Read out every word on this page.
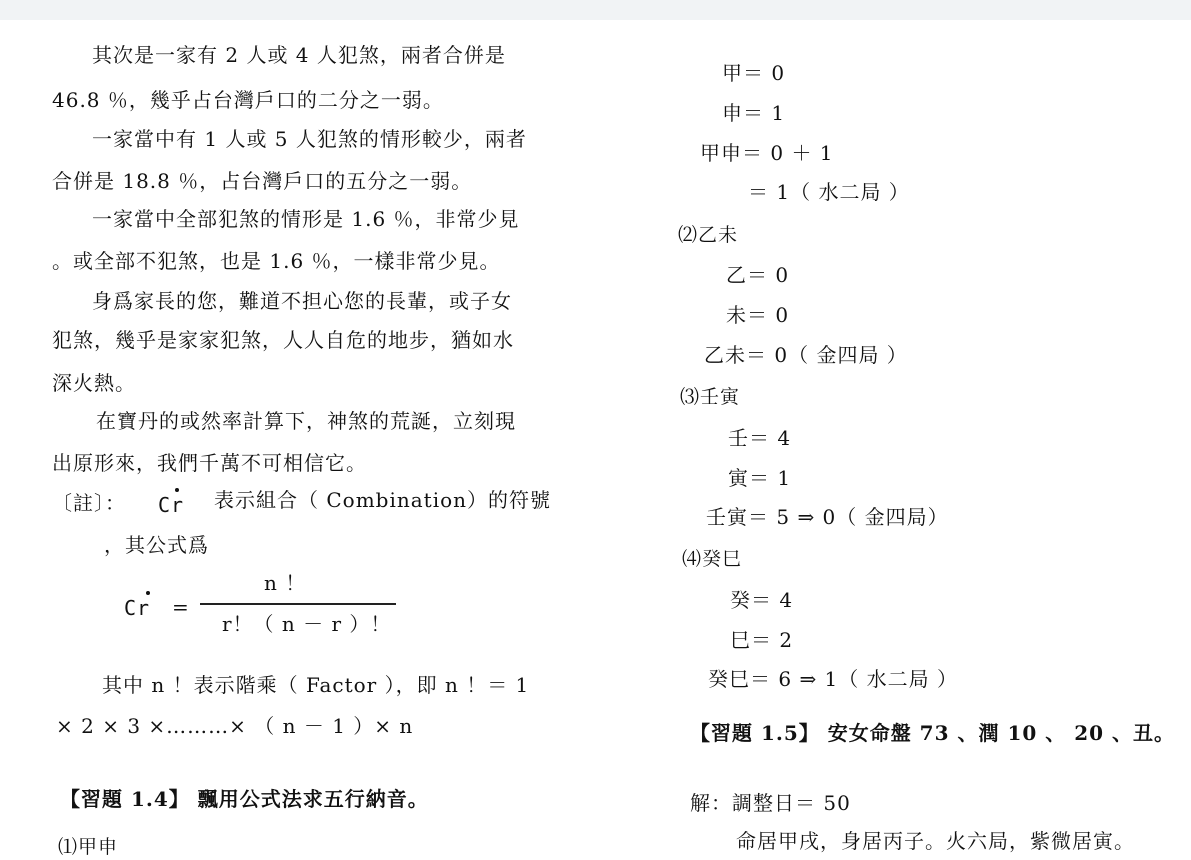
其次是一家有 2 人或 4 人犯煞，兩者合併是
46.8 ％，幾乎占台灣戶口的二分之一弱。
一家當中有 1 人或 5 人犯煞的情形較少，兩者
合併是 18.8 ％，占台灣戶口的五分之一弱。
一家當中全部犯煞的情形是 1.6 ％，非常少見
。或全部不犯煞，也是 1.6 ％，一樣非常少見。
身爲家長的您，難道不担心您的長輩，或子女
犯煞，幾乎是家家犯煞，人人自危的地步，猶如水
深火熱。
在寶丹的或然率計算下，神煞的荒誕，立刻現
出原形來，我們千萬不可相信它。
〔註〕： Cr 表示組合（ Combination）的符號
，其公式爲
Cr =
n ！
r！（ n － r ）！
其中 n ！表示階乘（ Factor ），即 n ！＝ 1
× 2 × 3 ×………× （ n － 1 ）× n
【習題 1.4】 飄用公式法求五行納音。
⑴甲申
甲＝ 0
申＝ 1
甲申＝ 0 ＋ 1
＝ 1（ 水二局 ）
⑵乙未
乙＝ 0
未＝ 0
乙未＝ 0（ 金四局 ）
⑶壬寅
壬＝ 4
寅＝ 1
壬寅＝ 5 ⇒ 0（ 金四局）
⑷癸巳
癸＝ 4
巳＝ 2
癸巳＝ 6 ⇒ 1（ 水二局 ）
【習題 1.5】 安女命盤 73 、潤 10 、 20 、丑。
解：調整日＝ 50
命居甲戌，身居丙子。火六局，紫微居寅。
